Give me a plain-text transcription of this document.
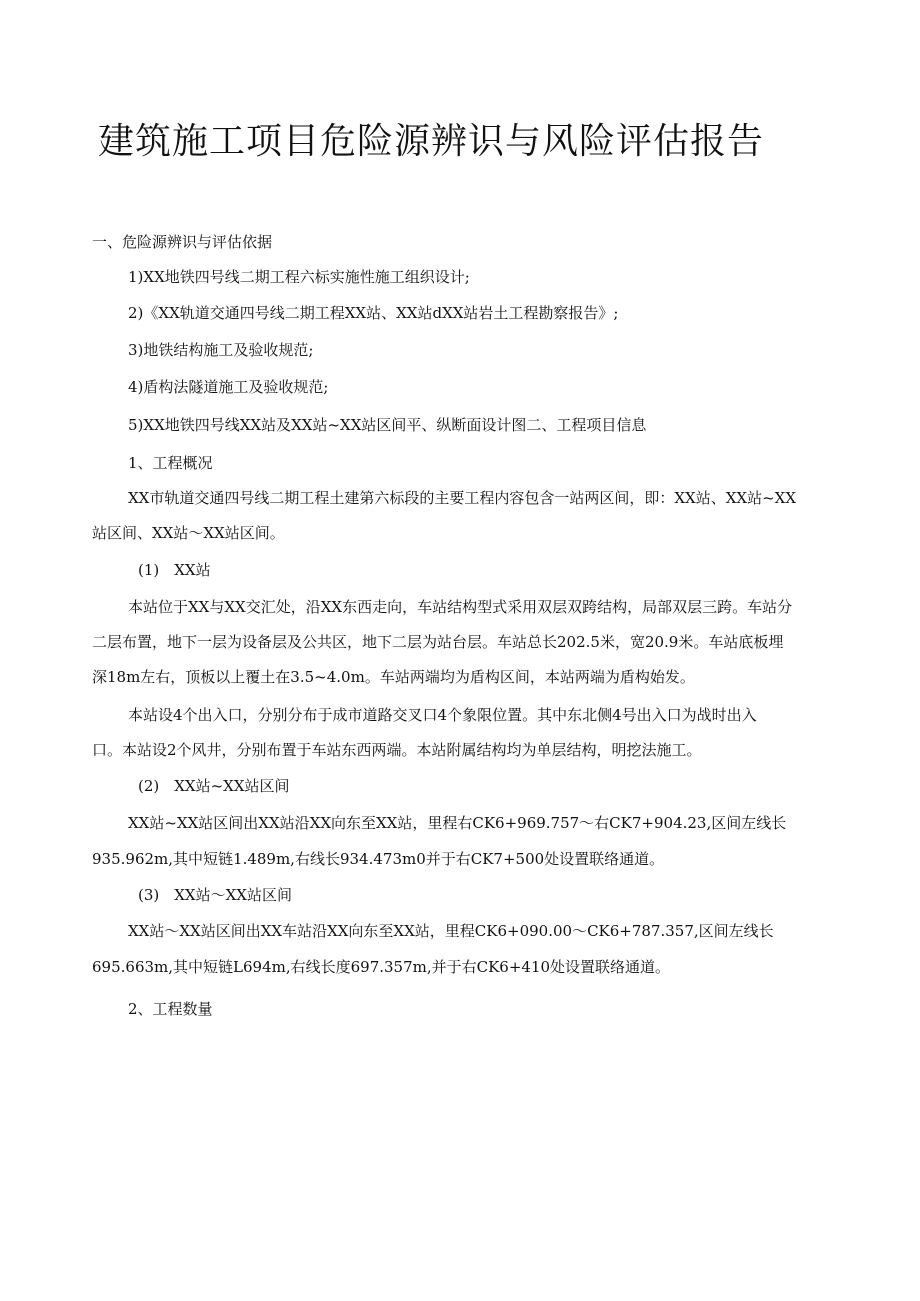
建筑施工项目危险源辨识与风险评估报告
一、危险源辨识与评估依据
1)XX地铁四号线二期工程六标实施性施工组织设计;
2)《XX轨道交通四号线二期工程XX站、XX站dXX站岩土工程勘察报告》;
3)地铁结构施工及验收规范;
4)盾构法隧道施工及验收规范;
5)XX地铁四号线XX站及XX站~XX站区间平、纵断面设计图二、工程项目信息
1、工程概况
XX市轨道交通四号线二期工程土建第六标段的主要工程内容包含一站两区间，即：XX站、XX站~XX
站区间、XX站～XX站区间。
(1)　XX站
本站位于XX与XX交汇处，沿XX东西走向，车站结构型式采用双层双跨结构，局部双层三跨。车站分
二层布置，地下一层为设备层及公共区，地下二层为站台层。车站总长202.5米，宽20.9米。车站底板埋
深18m左右，顶板以上覆土在3.5~4.0m。车站两端均为盾构区间，本站两端为盾构始发。
本站设4个出入口，分别分布于成市道路交叉口4个象限位置。其中东北侧4号出入口为战时出入
口。本站设2个风井，分别布置于车站东西两端。本站附属结构均为单层结构，明挖法施工。
(2)　XX站~XX站区间
XX站~XX站区间出XX站沿XX向东至XX站，里程右CK6+969.757～右CK7+904.23,区间左线长
935.962m,其中短链1.489m,右线长934.473m0并于右CK7+500处设置联络通道。
(3)　XX站～XX站区间
XX站～XX站区间出XX车站沿XX向东至XX站，里程CK6+090.00～CK6+787.357,区间左线长
695.663m,其中短链L694m,右线长度697.357m,并于右CK6+410处设置联络通道。
2、工程数量
